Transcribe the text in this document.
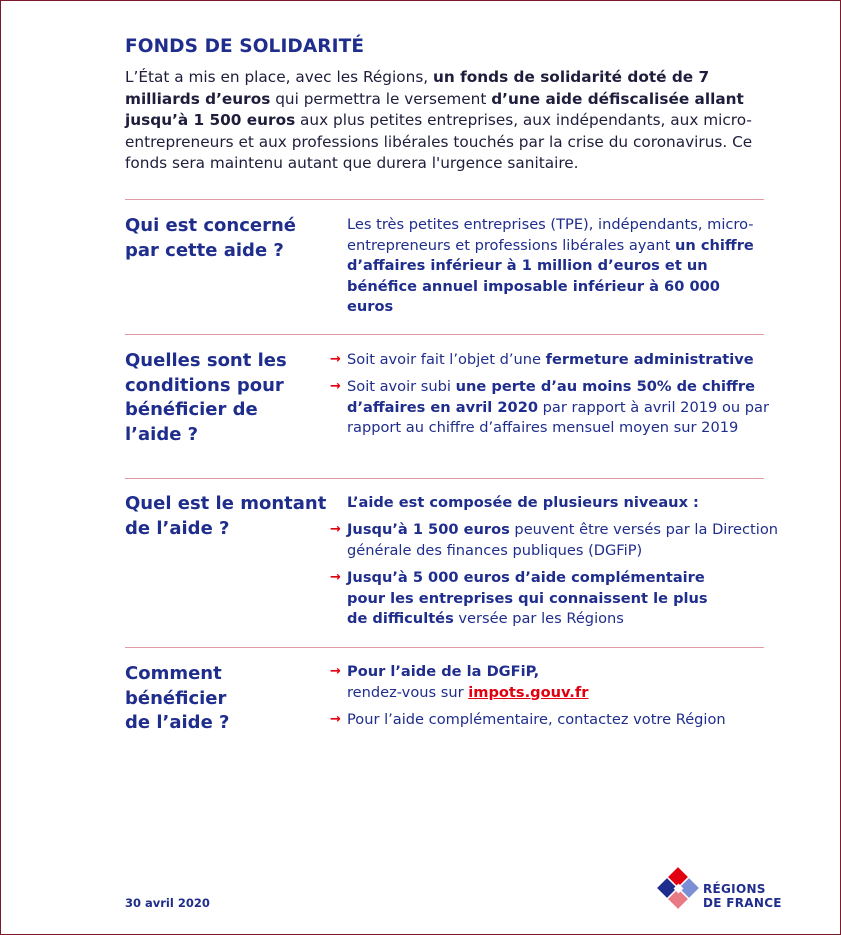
FONDS DE SOLIDARITÉ
L’État a mis en place, avec les Régions, un fonds de solidarité doté de 7 milliards d’euros qui permettra le versement d’une aide défiscalisée allant jusqu’à 1 500 euros aux plus petites entreprises, aux indépendants, aux micro-entrepreneurs et aux professions libérales touchés par la crise du coronavirus. Ce fonds sera maintenu autant que durera l'urgence sanitaire.
Qui est concerné par cette aide ?
Les très petites entreprises (TPE), indépendants, micro-entrepreneurs et professions libérales ayant un chiffre d’affaires inférieur à 1 million d’euros et un bénéfice annuel imposable inférieur à 60 000 euros
Quelles sont les conditions pour bénéficier de l’aide ?
→ Soit avoir fait l’objet d’une fermeture administrative
→ Soit avoir subi une perte d’au moins 50% de chiffre d’affaires en avril 2020 par rapport à avril 2019 ou par rapport au chiffre d’affaires mensuel moyen sur 2019
Quel est le montant de l’aide ?
L’aide est composée de plusieurs niveaux :
→ Jusqu’à 1 500 euros peuvent être versés par la Direction générale des finances publiques (DGFiP)
→ Jusqu’à 5 000 euros d’aide complémentaire pour les entreprises qui connaissent le plus de difficultés versée par les Régions
Comment bénéficier de l’aide ?
→ Pour l’aide de la DGFiP,
rendez-vous sur impots.gouv.fr
→ Pour l’aide complémentaire, contactez votre Région
30 avril 2020
RÉGIONS
DE FRANCE
